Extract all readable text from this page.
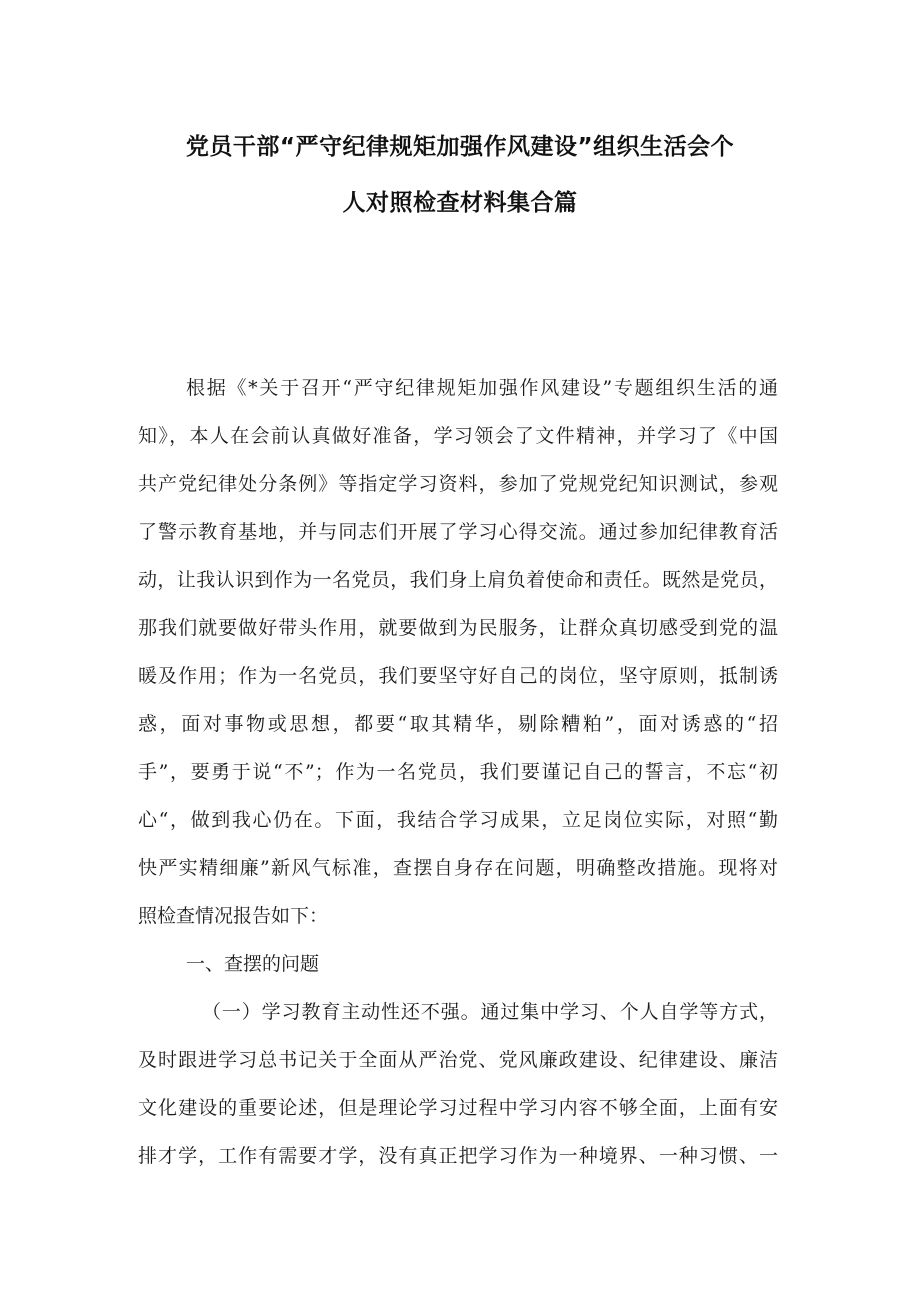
党员干部“严守纪律规矩加强作风建设”组织生活会个
人对照检查材料集合篇
根据《*关于召开“严守纪律规矩加强作风建设”专题组织生活的通
知》，本人在会前认真做好准备，学习领会了文件精神，并学习了《中国
共产党纪律处分条例》等指定学习资料，参加了党规党纪知识测试，参观
了警示教育基地，并与同志们开展了学习心得交流。通过参加纪律教育活
动，让我认识到作为一名党员，我们身上肩负着使命和责任。既然是党员，
那我们就要做好带头作用，就要做到为民服务，让群众真切感受到党的温
暖及作用；作为一名党员，我们要坚守好自己的岗位，坚守原则，抵制诱
惑，面对事物或思想，都要“取其精华，剔除糟粕”，面对诱惑的“招
手”，要勇于说“不”；作为一名党员，我们要谨记自己的誓言，不忘“初
心“，做到我心仍在。下面，我结合学习成果，立足岗位实际，对照“勤
快严实精细廉”新风气标准，查摆自身存在问题，明确整改措施。现将对
照检查情况报告如下：
一、查摆的问题
（一）学习教育主动性还不强。通过集中学习、个人自学等方式，
及时跟进学习总书记关于全面从严治党、党风廉政建设、纪律建设、廉洁
文化建设的重要论述，但是理论学习过程中学习内容不够全面，上面有安
排才学，工作有需要才学，没有真正把学习作为一种境界、一种习惯、一
